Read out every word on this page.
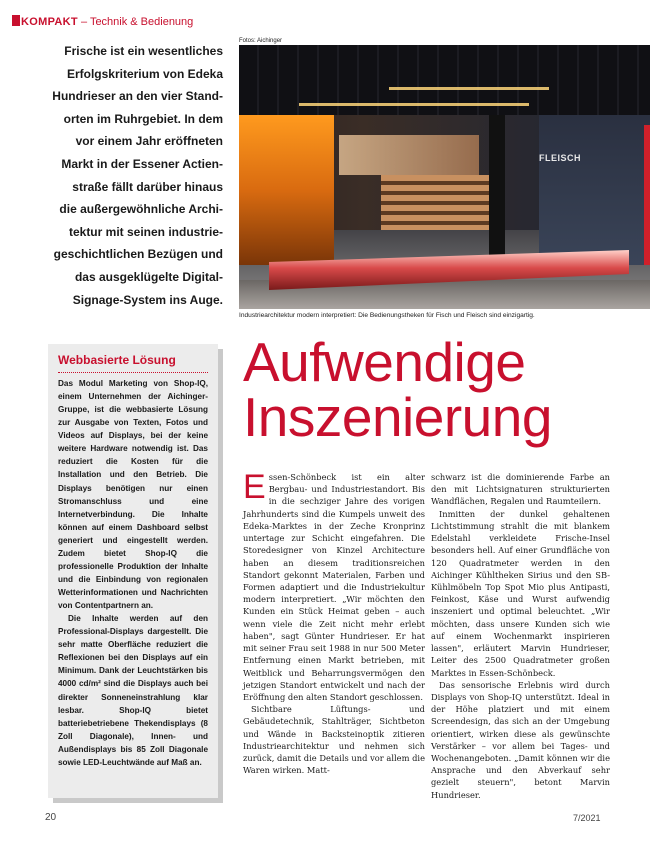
KOMPAKT – Technik & Bedienung
Frische ist ein wesentliches
Erfolgskriterium von Edeka
Hundrieser an den vier Stand-
orten im Ruhrgebiet. In dem
vor einem Jahr eröffneten
Markt in der Essener Actien-
straße fällt darüber hinaus
die außergewöhnliche Archi-
tektur mit seinen industrie-
geschichtlichen Bezügen und
das ausgeklügelte Digital-
Signage-System ins Auge.
Fotos: Aichinger
FLEISCH
Industriearchitektur modern interpretiert: Die Bedienungstheken für Fisch und Fleisch sind einzigartig.
Webbasierte Lösung

Das Modul Marketing von Shop-IQ, einem Unternehmen der Aichinger-Gruppe, ist die webbasierte Lösung zur Ausgabe von Texten, Fotos und Videos auf Displays, bei der keine weitere Hardware notwendig ist. Das reduziert die Kosten für die Installation und den Betrieb. Die Displays benötigen nur einen Stromanschluss und eine Internetverbindung. Die Inhalte können auf einem Dashboard selbst generiert und eingestellt werden. Zudem bietet Shop-IQ die professionelle Produktion der Inhalte und die Einbindung von regionalen Wetterinformationen und Nachrichten von Contentpartnern an.

Die Inhalte werden auf den Professional-Displays dargestellt. Die sehr matte Oberfläche reduziert die Reflexionen bei den Displays auf ein Minimum. Dank der Leuchtstärken bis 4000 cd/m² sind die Displays auch bei direkter Sonneneinstrahlung klar lesbar. Shop-IQ bietet batteriebetriebene Thekendisplays (8 Zoll Diagonale), Innen- und Außendisplays bis 85 Zoll Diagonale sowie LED-Leuchtwände auf Maß an.

Aufwendige
Inszenierung

Essen-Schönbeck ist ein alter Bergbau- und Industriestandort. Bis in die sechziger Jahre des vorigen Jahrhunderts sind die Kumpels unweit des Edeka-Marktes in der Zeche Kronprinz untertage zur Schicht eingefahren. Die Storedesigner von Kinzel Architecture haben an diesem traditionsreichen Standort gekonnt Materialen, Farben und Formen adaptiert und die Industriekultur modern interpretiert. „Wir möchten den Kunden ein Stück Heimat geben – auch wenn viele die Zeit nicht mehr erlebt haben", sagt Günter Hundrieser. Er hat mit seiner Frau seit 1988 in nur 500 Meter Entfernung einen Markt betrieben, mit Weitblick und Beharrungsvermögen den jetzigen Standort entwickelt und nach der Eröffnung den alten Standort geschlossen.

Sichtbare Lüftungs- und Gebäudetechnik, Stahlträger, Sichtbeton und Wände in Backsteinoptik zitieren Industriearchitektur und nehmen sich zurück, damit die Details und vor allem die Waren wirken. Matt-

schwarz ist die dominierende Farbe an den mit Lichtsignaturen strukturierten Wandflächen, Regalen und Raumteilern.

Inmitten der dunkel gehaltenen Lichtstimmung strahlt die mit blankem Edelstahl verkleidete Frische-Insel besonders hell. Auf einer Grundfläche von 120 Quadratmeter werden in den Aichinger Kühltheken Sirius und den SB-Kühlmöbeln Top Spot Mio plus Antipasti, Feinkost, Käse und Wurst aufwendig inszeniert und optimal beleuchtet. „Wir möchten, dass unsere Kunden sich wie auf einem Wochenmarkt inspirieren lassen", erläutert Marvin Hundrieser, Leiter des 2500 Quadratmeter großen Marktes in Essen-Schönbeck.

Das sensorische Erlebnis wird durch Displays von Shop-IQ unterstützt. Ideal in der Höhe platziert und mit einem Screendesign, das sich an der Umgebung orientiert, wirken diese als gewünschte Verstärker – vor allem bei Tages- und Wochenangeboten. „Damit können wir die Ansprache und den Abverkauf sehr gezielt steuern", betont Marvin Hundrieser.

20	7/2021
